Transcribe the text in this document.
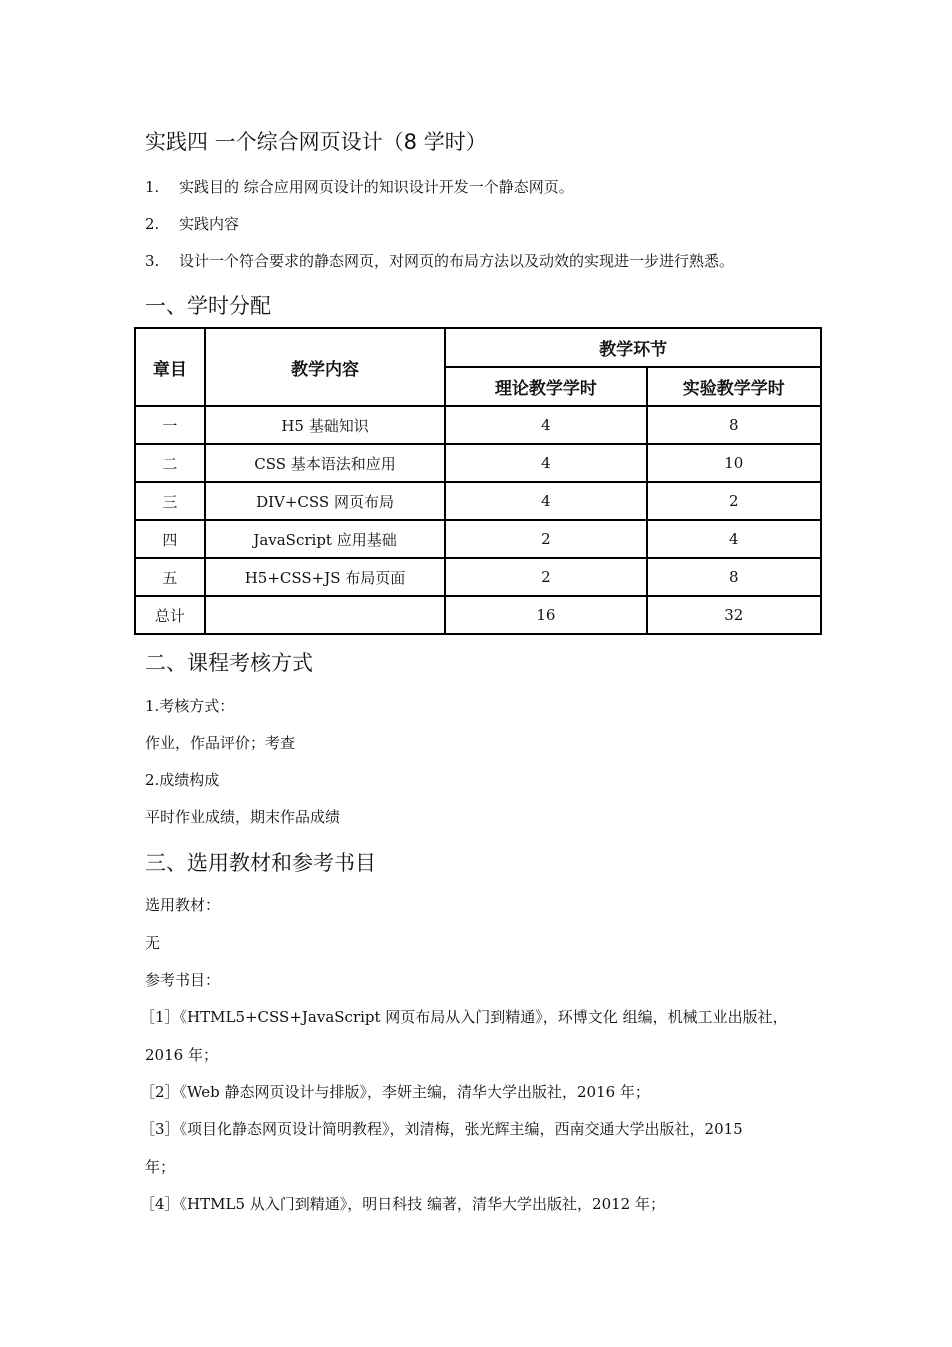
实践四 一个综合网页设计（8 学时）
1. 实践目的 综合应用网页设计的知识设计开发一个静态网页。
2. 实践内容
3. 设计一个符合要求的静态网页，对网页的布局方法以及动效的实现进一步进行熟悉。
一、学时分配
章目	教学内容	教学环节	
		理论教学学时	实验教学学时
一	H5 基础知识	4	8
二	CSS 基本语法和应用	4	10
三	DIV+CSS 网页布局	4	2
四	JavaScript 应用基础	2	4
五	H5+CSS+JS 布局页面	2	8
总计		16	32
二、课程考核方式
1.考核方式：
作业，作品评价；考查
2.成绩构成
平时作业成绩，期末作品成绩
三、选用教材和参考书目
选用教材：
无
参考书目：
［1］《HTML5+CSS+JavaScript 网页布局从入门到精通》，环博文化 组编，机械工业出版社，
2016 年；
［2］《Web 静态网页设计与排版》，李妍主编，清华大学出版社，2016 年；
［3］《项目化静态网页设计简明教程》，刘清梅，张光辉主编，西南交通大学出版社，2015
年；
［4］《HTML5 从入门到精通》，明日科技 编著，清华大学出版社，2012 年；
